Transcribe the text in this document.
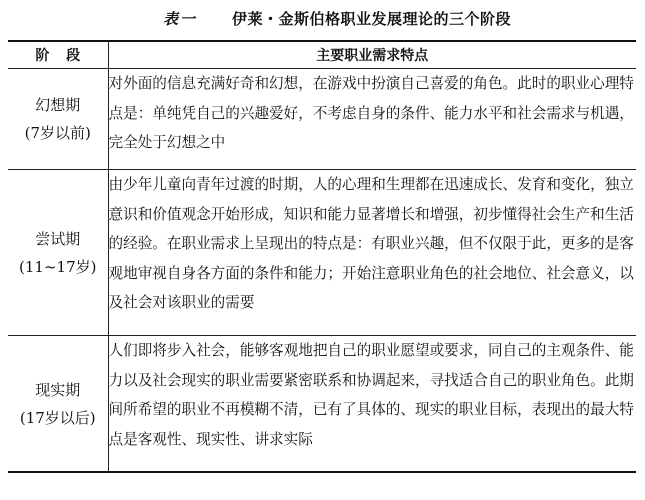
表一 伊莱・金斯伯格职业发展理论的三个阶段
阶段	主要职业需求特点

幻想期
(7岁以前)	对外面的信息充满好奇和幻想，在游戏中扮演自己喜爱的角色。此时的职业心理特
点是：单纯凭自己的兴趣爱好，不考虑自身的条件、能力水平和社会需求与机遇，
完全处于幻想之中

尝试期
(11~17岁)	由少年儿童向青年过渡的时期，人的心理和生理都在迅速成长、发育和变化，独立
意识和价值观念开始形成，知识和能力显著增长和增强，初步懂得社会生产和生活
的经验。在职业需求上呈现出的特点是：有职业兴趣，但不仅限于此，更多的是客
观地审视自身各方面的条件和能力；开始注意职业角色的社会地位、社会意义，以
及社会对该职业的需要

现实期
(17岁以后)	人们即将步入社会，能够客观地把自己的职业愿望或要求，同自己的主观条件、能
力以及社会现实的职业需要紧密联系和协调起来，寻找适合自己的职业角色。此期
间所希望的职业不再模糊不清，已有了具体的、现实的职业目标，表现出的最大特
点是客观性、现实性、讲求实际
